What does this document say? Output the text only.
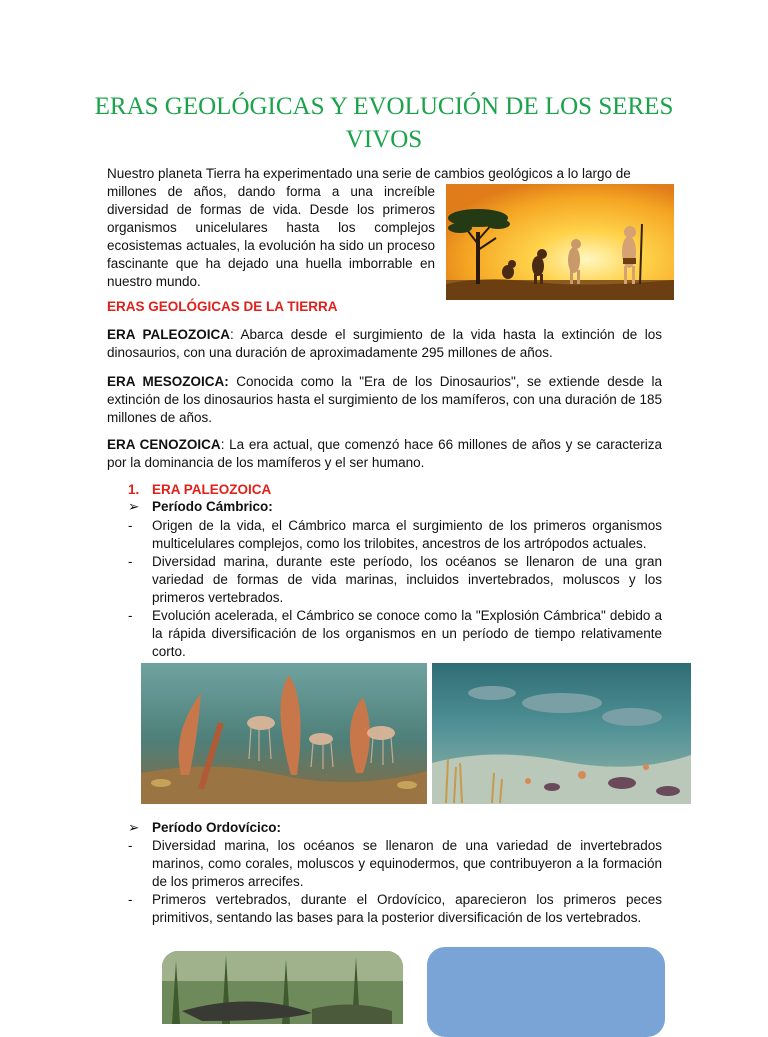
ERAS GEOLÓGICAS Y EVOLUCIÓN DE LOS SERES VIVOS
Nuestro planeta Tierra ha experimentado una serie de cambios geológicos a lo largo de
millones de años, dando forma a una increíble diversidad de formas de vida. Desde los primeros organismos unicelulares hasta los complejos ecosistemas actuales, la evolución ha sido un proceso fascinante que ha dejado una huella imborrable en nuestro mundo.
ERAS GEOLÓGICAS DE LA TIERRA
ERA PALEOZOICA: Abarca desde el surgimiento de la vida hasta la extinción de los dinosaurios, con una duración de aproximadamente 295 millones de años.
ERA MESOZOICA: Conocida como la "Era de los Dinosaurios", se extiende desde la extinción de los dinosaurios hasta el surgimiento de los mamíferos, con una duración de 185 millones de años.
ERA CENOZOICA: La era actual, que comenzó hace 66 millones de años y se caracteriza por la dominancia de los mamíferos y el ser humano.
1. ERA PALEOZOICA
➢ Período Cámbrico:
- Origen de la vida, el Cámbrico marca el surgimiento de los primeros organismos multicelulares complejos, como los trilobites, ancestros de los artrópodos actuales.
- Diversidad marina, durante este período, los océanos se llenaron de una gran variedad de formas de vida marinas, incluidos invertebrados, moluscos y los primeros vertebrados.
- Evolución acelerada, el Cámbrico se conoce como la "Explosión Cámbrica" debido a la rápida diversificación de los organismos en un período de tiempo relativamente corto.
➢ Período Ordovícico:
- Diversidad marina, los océanos se llenaron de una variedad de invertebrados marinos, como corales, moluscos y equinodermos, que contribuyeron a la formación de los primeros arrecifes.
- Primeros vertebrados, durante el Ordovícico, aparecieron los primeros peces primitivos, sentando las bases para la posterior diversificación de los vertebrados.
